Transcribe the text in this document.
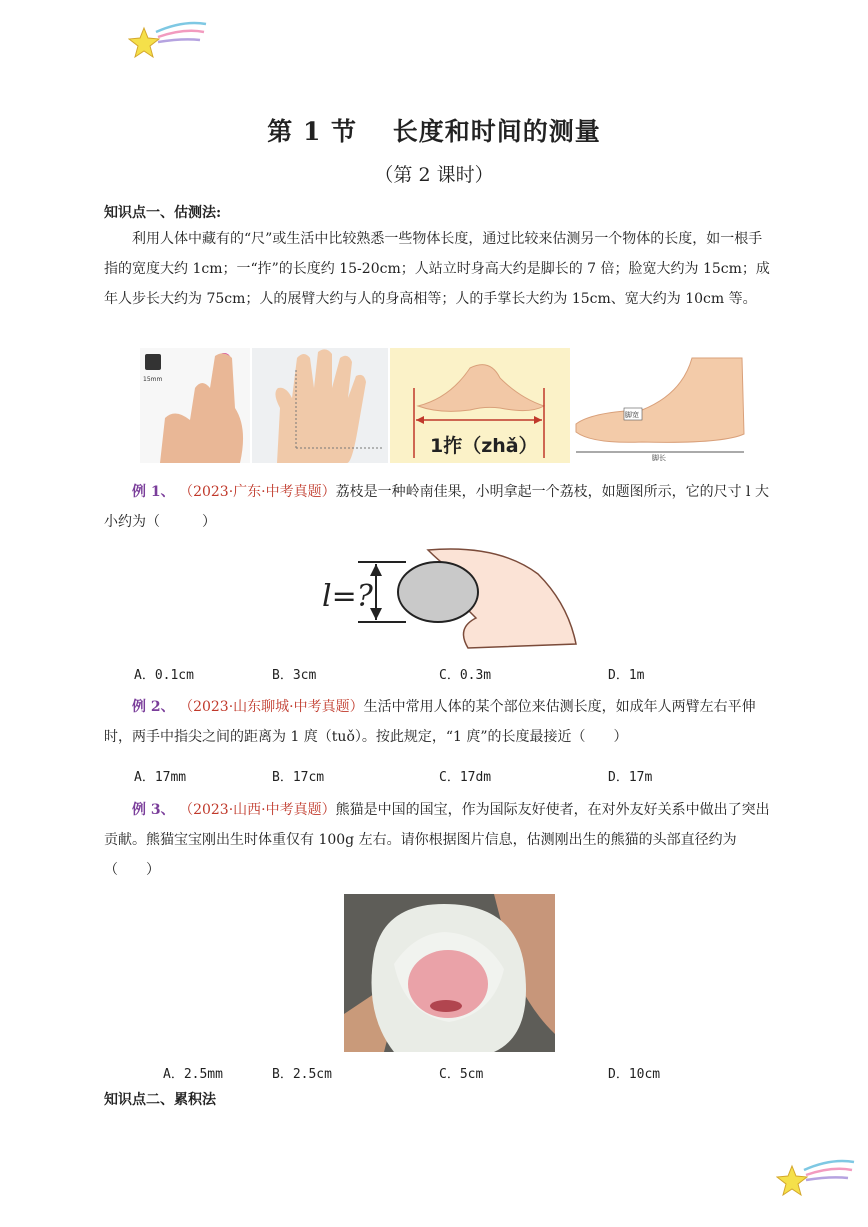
第 1 节　 长度和时间的测量
（第 2 课时）
知识点一、估测法:
利用人体中藏有的“尺”或生活中比较熟悉一些物体长度，通过比较来估测另一个物体的长度，如一根手指的宽度大约 1cm；一“拃”的长度约 15-20cm；人站立时身高大约是脚长的 7 倍；脸宽大约为 15cm；成年人步长大约为 75cm；人的展臂大约与人的身高相等；人的手掌长大约为 15cm、宽大约为 10cm 等。
15mm
1拃（zhǎ）
脚宽
脚长
例 1、 （2023·广东·中考真题）荔枝是一种岭南佳果，小明拿起一个荔枝，如题图所示，它的尺寸 l 大小约为（　　　）
l=?
A．0.1cm	B．3cm	C．0.3m	D．1m
例 2、 （2023·山东聊城·中考真题）生活中常用人体的某个部位来估测长度，如成年人两臂左右平伸时，两手中指尖之间的距离为 1 庹（tuǒ）。按此规定，“1 庹”的长度最接近（　　）
A．17mm	B．17cm	C．17dm	D．17m
例 3、 （2023·山西·中考真题）熊猫是中国的国宝，作为国际友好使者，在对外友好关系中做出了突出贡献。熊猫宝宝刚出生时体重仅有 100g 左右。请你根据图片信息，估测刚出生的熊猫的头部直径约为（　　）
A．2.5mm	B．2.5cm	C．5cm	D．10cm
知识点二、累积法
